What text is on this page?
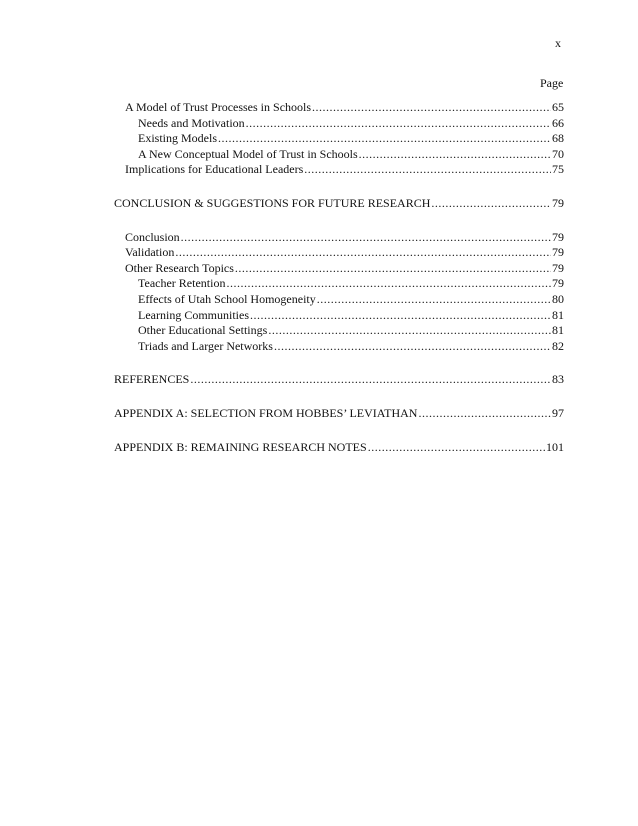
x
Page
A Model of Trust Processes in Schools .....	65
Needs and Motivation .....	66
Existing Models .....	68
A New Conceptual Model of Trust in Schools .....	70
Implications for Educational Leaders .....	75
CONCLUSION & SUGGESTIONS FOR FUTURE RESEARCH .....	79
Conclusion .....	79
Validation .....	79
Other Research Topics .....	79
Teacher Retention .....	79
Effects of Utah School Homogeneity .....	80
Learning Communities .....	81
Other Educational Settings .....	81
Triads and Larger Networks .....	82
REFERENCES .....	83
APPENDIX A: SELECTION FROM HOBBES’ LEVIATHAN .....	97
APPENDIX B: REMAINING RESEARCH NOTES .....	101
